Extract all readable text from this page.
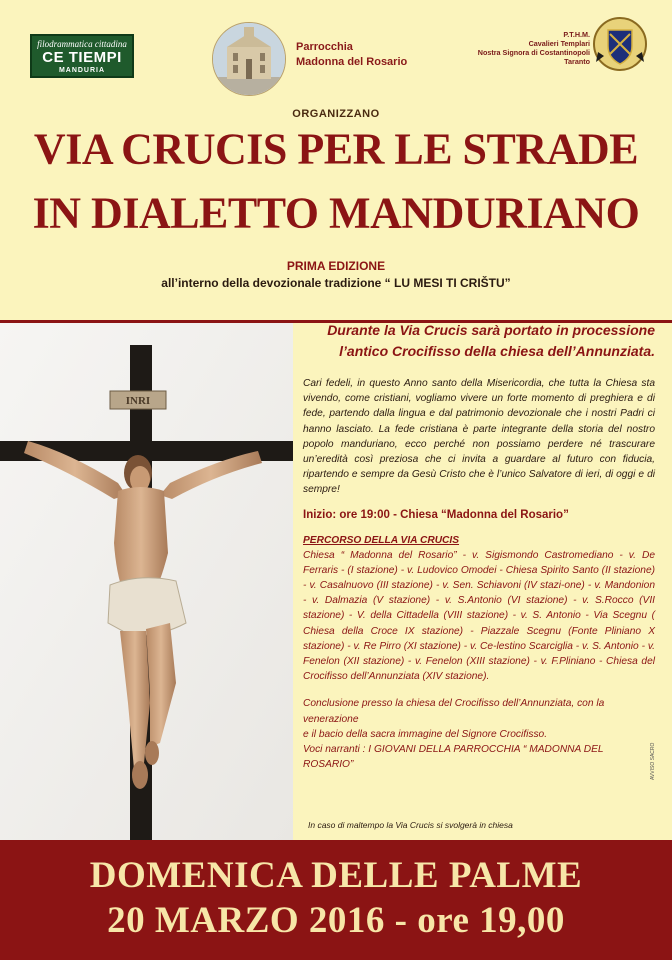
filodrammatica cittadina
CE TIEMPI
MANDURIA
Parrocchia
Madonna del Rosario
P.T.H.M.
Cavalieri Templari
Nostra Signora di Costantinopoli
Taranto
ORGANIZZANO
VIA CRUCIS PER LE STRADE
IN DIALETTO MANDURIANO
PRIMA EDIZIONE
all’interno della devozionale tradizione “ LU MESI TI CRIŠTU”
INRI
Durante la Via Crucis sarà portato in processione
l’antico Crocifisso della chiesa dell’Annunziata.
Cari fedeli, in questo Anno santo della Misericordia, che tutta la Chiesa sta vivendo, come cristiani, vogliamo vivere un forte momento di preghiera e di fede, partendo dalla lingua e dal patrimonio devozionale che i nostri Padri ci hanno lasciato. La fede cristiana è parte integrante della storia del nostro popolo manduriano, ecco perché non possiamo perdere né trascurare un’eredità così preziosa che ci invita a guardare al futuro con fiducia, ripartendo e sempre da Gesù Cristo che è l’unico Salvatore di ieri, di oggi e di sempre!
Inizio: ore 19:00 - Chiesa “Madonna del Rosario”
PERCORSO DELLA VIA CRUCIS
Chiesa “ Madonna del Rosario” - v. Sigismondo Castromediano - v. De Ferraris - (I stazione) - v. Ludovico Omodei - Chiesa Spirito Santo (II stazione) - v. Casalnuovo (III stazione) - v. Sen. Schiavoni (IV stazi-one) - v. Mandonion - v. Dalmazia (V stazione) - v. S.Antonio (VI stazione) - v. S.Rocco (VII stazione) - V. della Cittadella (VIII stazione) - v. S. Antonio - Via Scegnu ( Chiesa della Croce IX stazione) - Piazzale Scegnu (Fonte Pliniano X stazione) - v. Re Pirro (XI stazione) - v. Ce-lestino Scarciglia - v. S. Antonio - v. Fenelon (XII stazione) - v. Fenelon (XIII stazione) - v. F.Pliniano - Chiesa del Crocifisso dell’Annunziata (XIV stazione).
Conclusione presso la chiesa del Crocifisso dell’Annunziata, con la venerazione
e il bacio della sacra immagine del Signore Crocifisso.
Voci narranti : I GIOVANI DELLA PARROCCHIA “ MADONNA DEL ROSARIO”
In caso di maltempo la Via Crucis si svolgerà in chiesa
AVVISO SACRO
DOMENICA DELLE PALME
20 MARZO 2016 - ore 19,00
